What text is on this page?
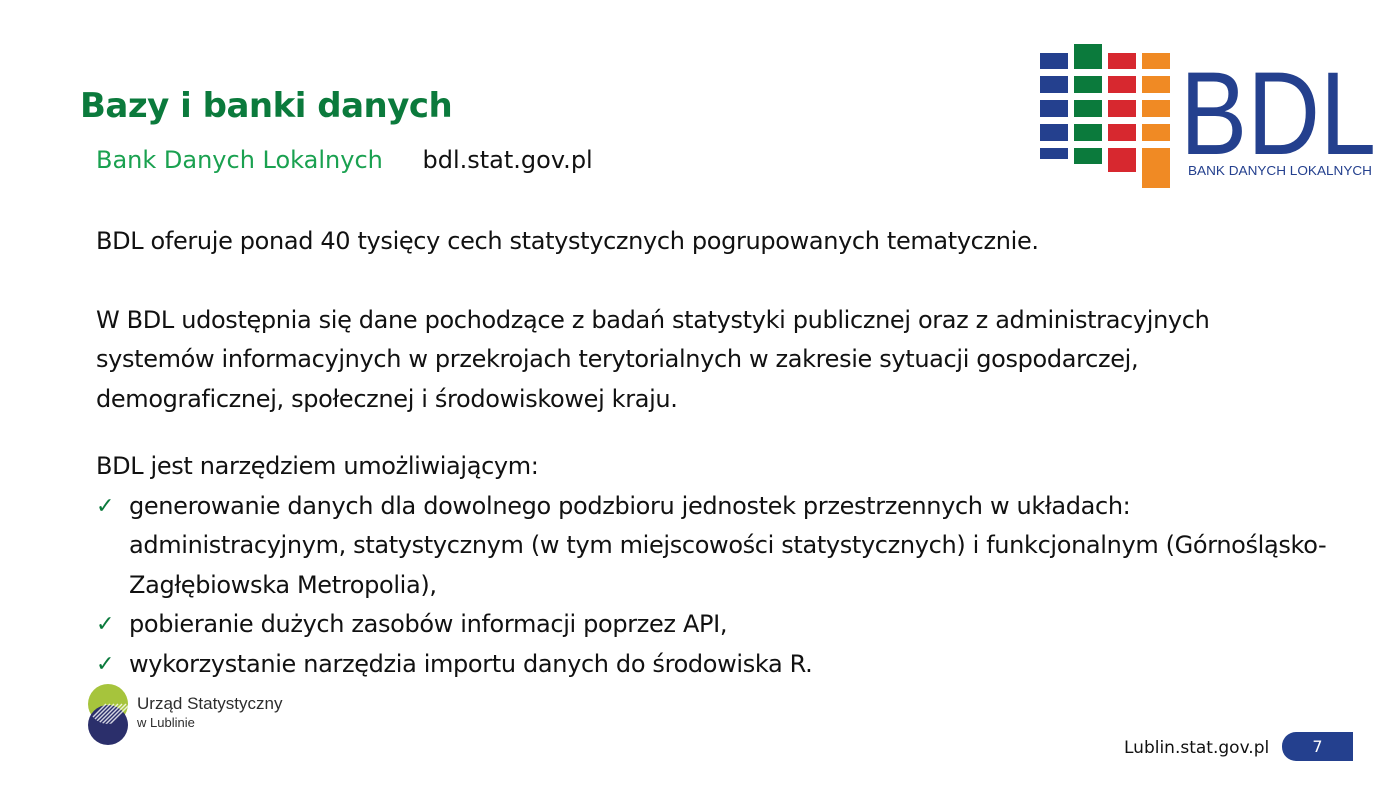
Bazy i banki danych
Bank Danych Lokalnych bdl.stat.gov.pl	BDL
BANK DANYCH LOKALNYCH

BDL oferuje ponad 40 tysięcy cech statystycznych pogrupowanych tematycznie.

W BDL udostępnia się dane pochodzące z badań statystyki publicznej oraz z administracyjnych
systemów informacyjnych w przekrojach terytorialnych w zakresie sytuacji gospodarczej,
demograficznej, społecznej i środowiskowej kraju.

BDL jest narzędziem umożliwiającym:

✓ generowanie danych dla dowolnego podzbioru jednostek przestrzennych w układach:
administracyjnym, statystycznym (w tym miejscowości statystycznych) i funkcjonalnym (Górnośląsko-
Zagłębiowska Metropolia),
✓ pobieranie dużych zasobów informacji poprzez API,
✓ wykorzystanie narzędzia importu danych do środowiska R.
Urząd Statystyczny
w Lublinie
Lublin.stat.gov.pl	7
